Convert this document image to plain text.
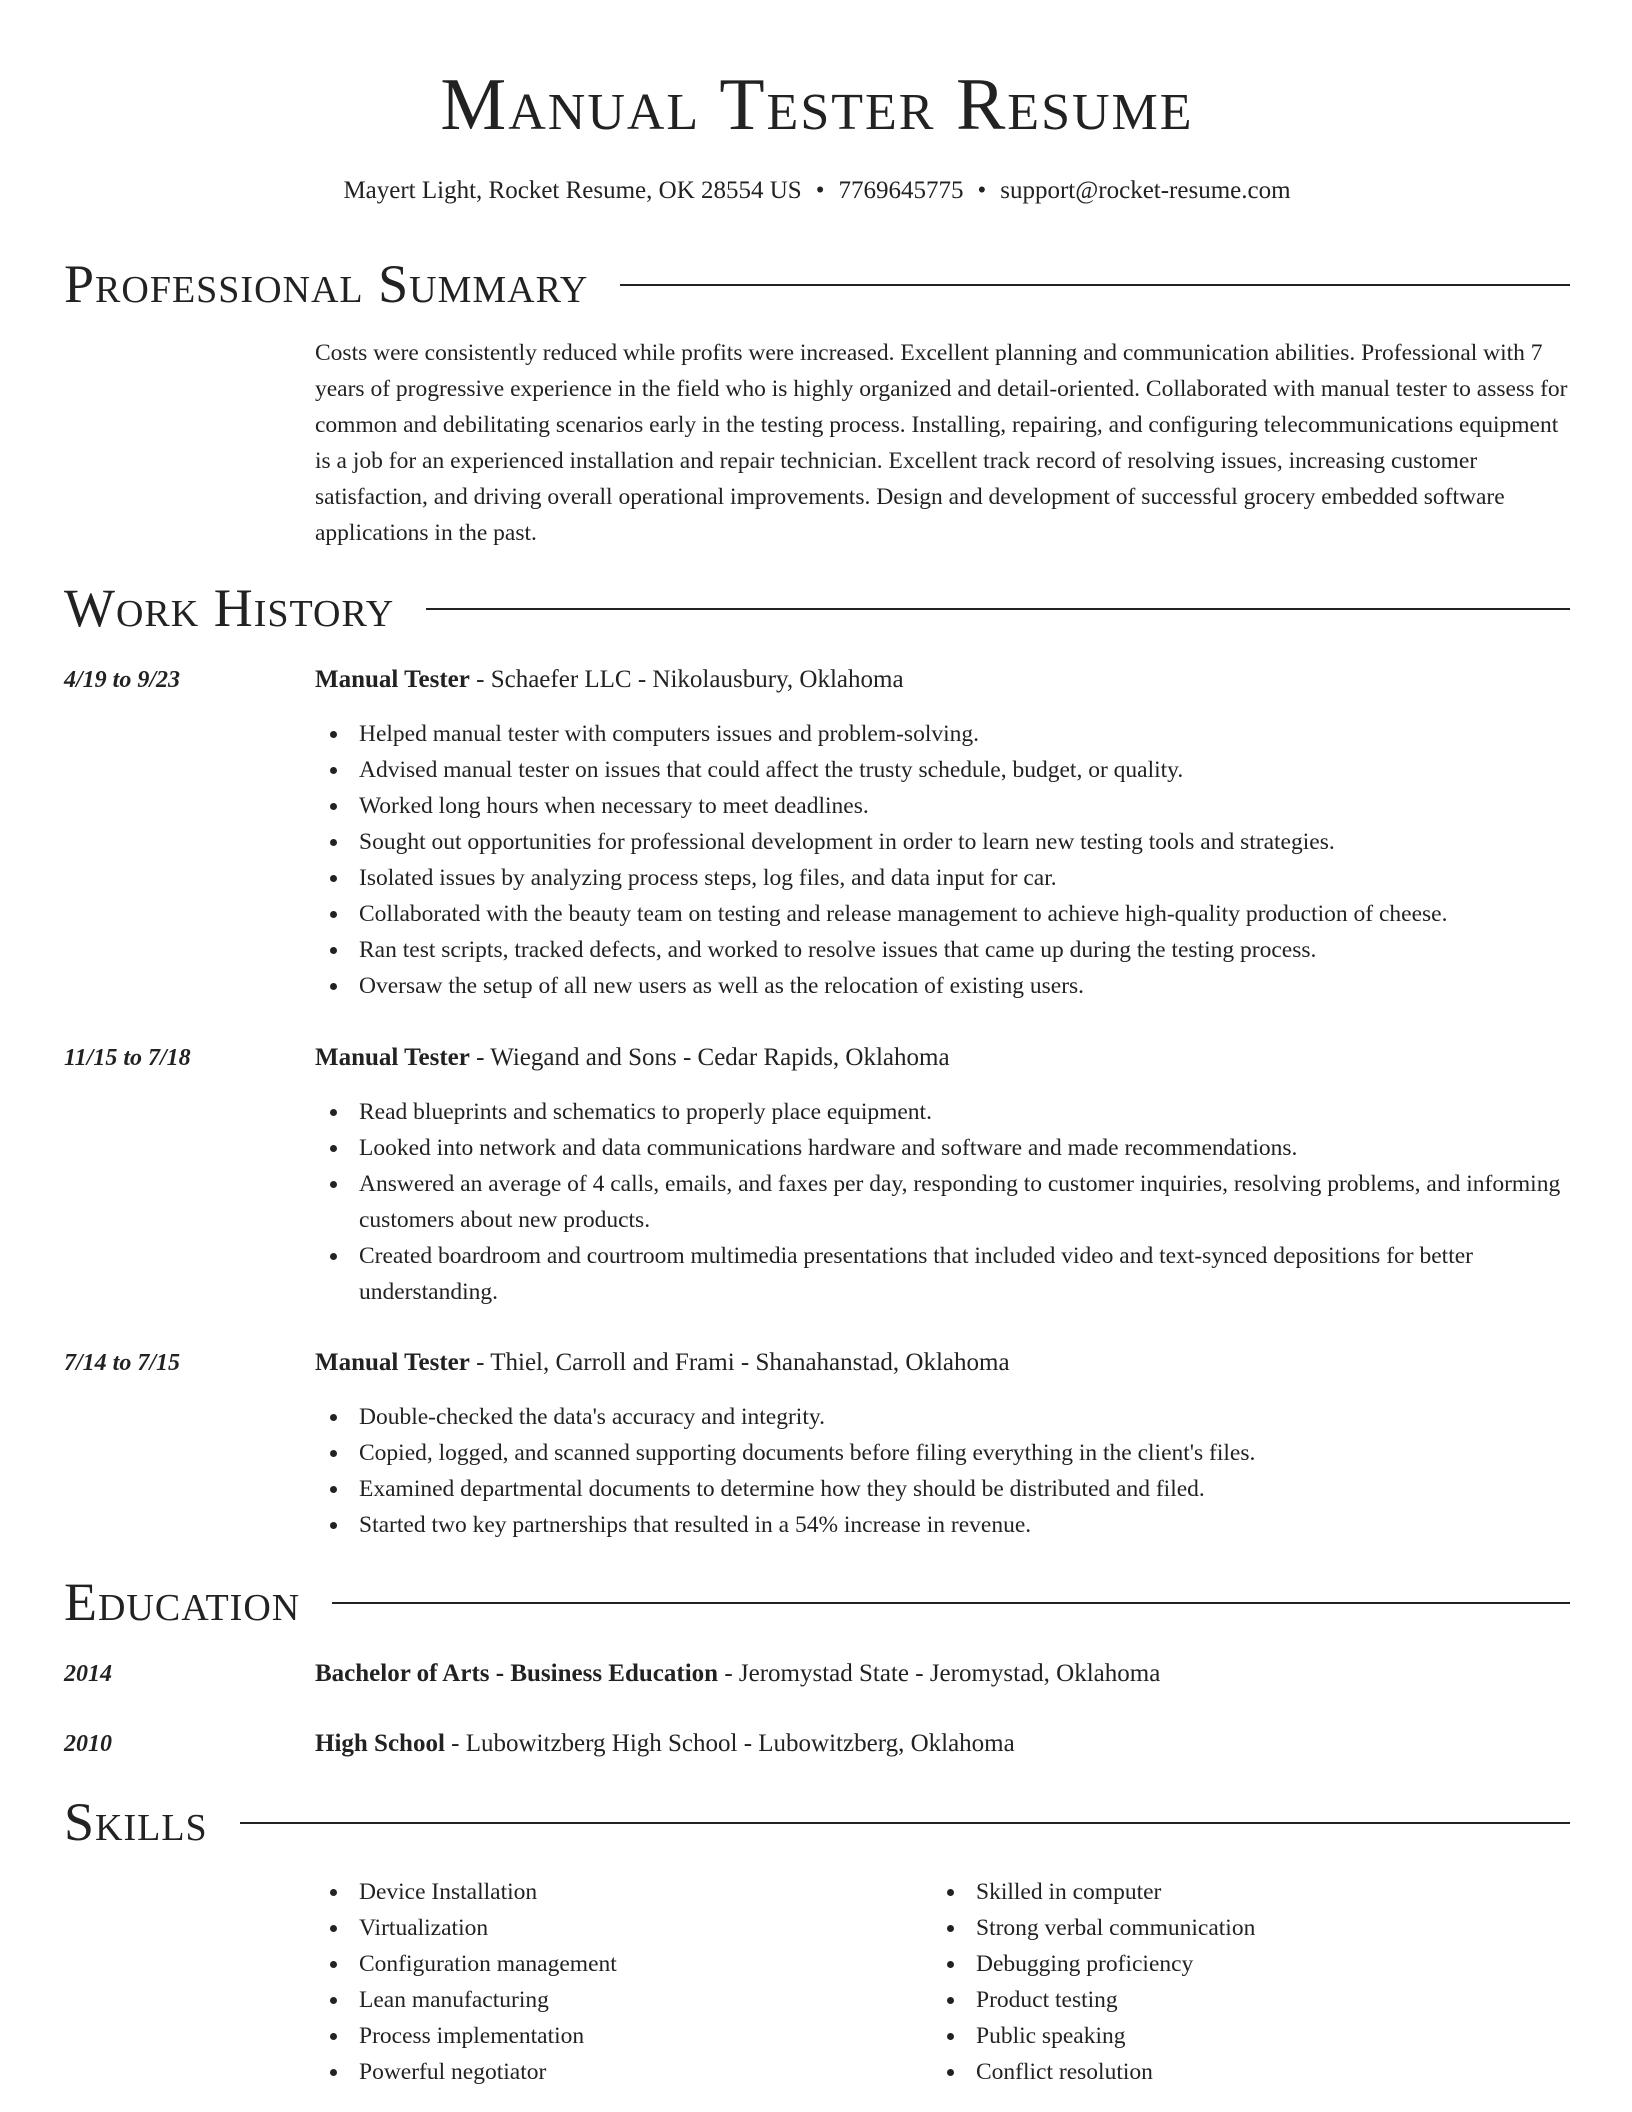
Manual Tester Resume
Mayert Light, Rocket Resume, OK 28554 US • 7769645775 • support@rocket-resume.com
Professional Summary
Costs were consistently reduced while profits were increased. Excellent planning and communication abilities. Professional with 7 years of progressive experience in the field who is highly organized and detail-oriented. Collaborated with manual tester to assess for common and debilitating scenarios early in the testing process. Installing, repairing, and configuring telecommunications equipment is a job for an experienced installation and repair technician. Excellent track record of resolving issues, increasing customer satisfaction, and driving overall operational improvements. Design and development of successful grocery embedded software applications in the past.
Work History
4/19 to 9/23	Manual Tester - Schaefer LLC - Nikolausbury, Oklahoma
Helped manual tester with computers issues and problem-solving.
Advised manual tester on issues that could affect the trusty schedule, budget, or quality.
Worked long hours when necessary to meet deadlines.
Sought out opportunities for professional development in order to learn new testing tools and strategies.
Isolated issues by analyzing process steps, log files, and data input for car.
Collaborated with the beauty team on testing and release management to achieve high-quality production of cheese.
Ran test scripts, tracked defects, and worked to resolve issues that came up during the testing process.
Oversaw the setup of all new users as well as the relocation of existing users.
11/15 to 7/18	Manual Tester - Wiegand and Sons - Cedar Rapids, Oklahoma
Read blueprints and schematics to properly place equipment.
Looked into network and data communications hardware and software and made recommendations.
Answered an average of 4 calls, emails, and faxes per day, responding to customer inquiries, resolving problems, and informing customers about new products.
Created boardroom and courtroom multimedia presentations that included video and text-synced depositions for better understanding.
7/14 to 7/15	Manual Tester - Thiel, Carroll and Frami - Shanahanstad, Oklahoma
Double-checked the data's accuracy and integrity.
Copied, logged, and scanned supporting documents before filing everything in the client's files.
Examined departmental documents to determine how they should be distributed and filed.
Started two key partnerships that resulted in a 54% increase in revenue.
Education
2014	Bachelor of Arts - Business Education - Jeromystad State - Jeromystad, Oklahoma
2010	High School - Lubowitzberg High School - Lubowitzberg, Oklahoma
Skills
Device Installation
Virtualization
Configuration management
Lean manufacturing
Process implementation
Powerful negotiator
Skilled in computer
Strong verbal communication
Debugging proficiency
Product testing
Public speaking
Conflict resolution
